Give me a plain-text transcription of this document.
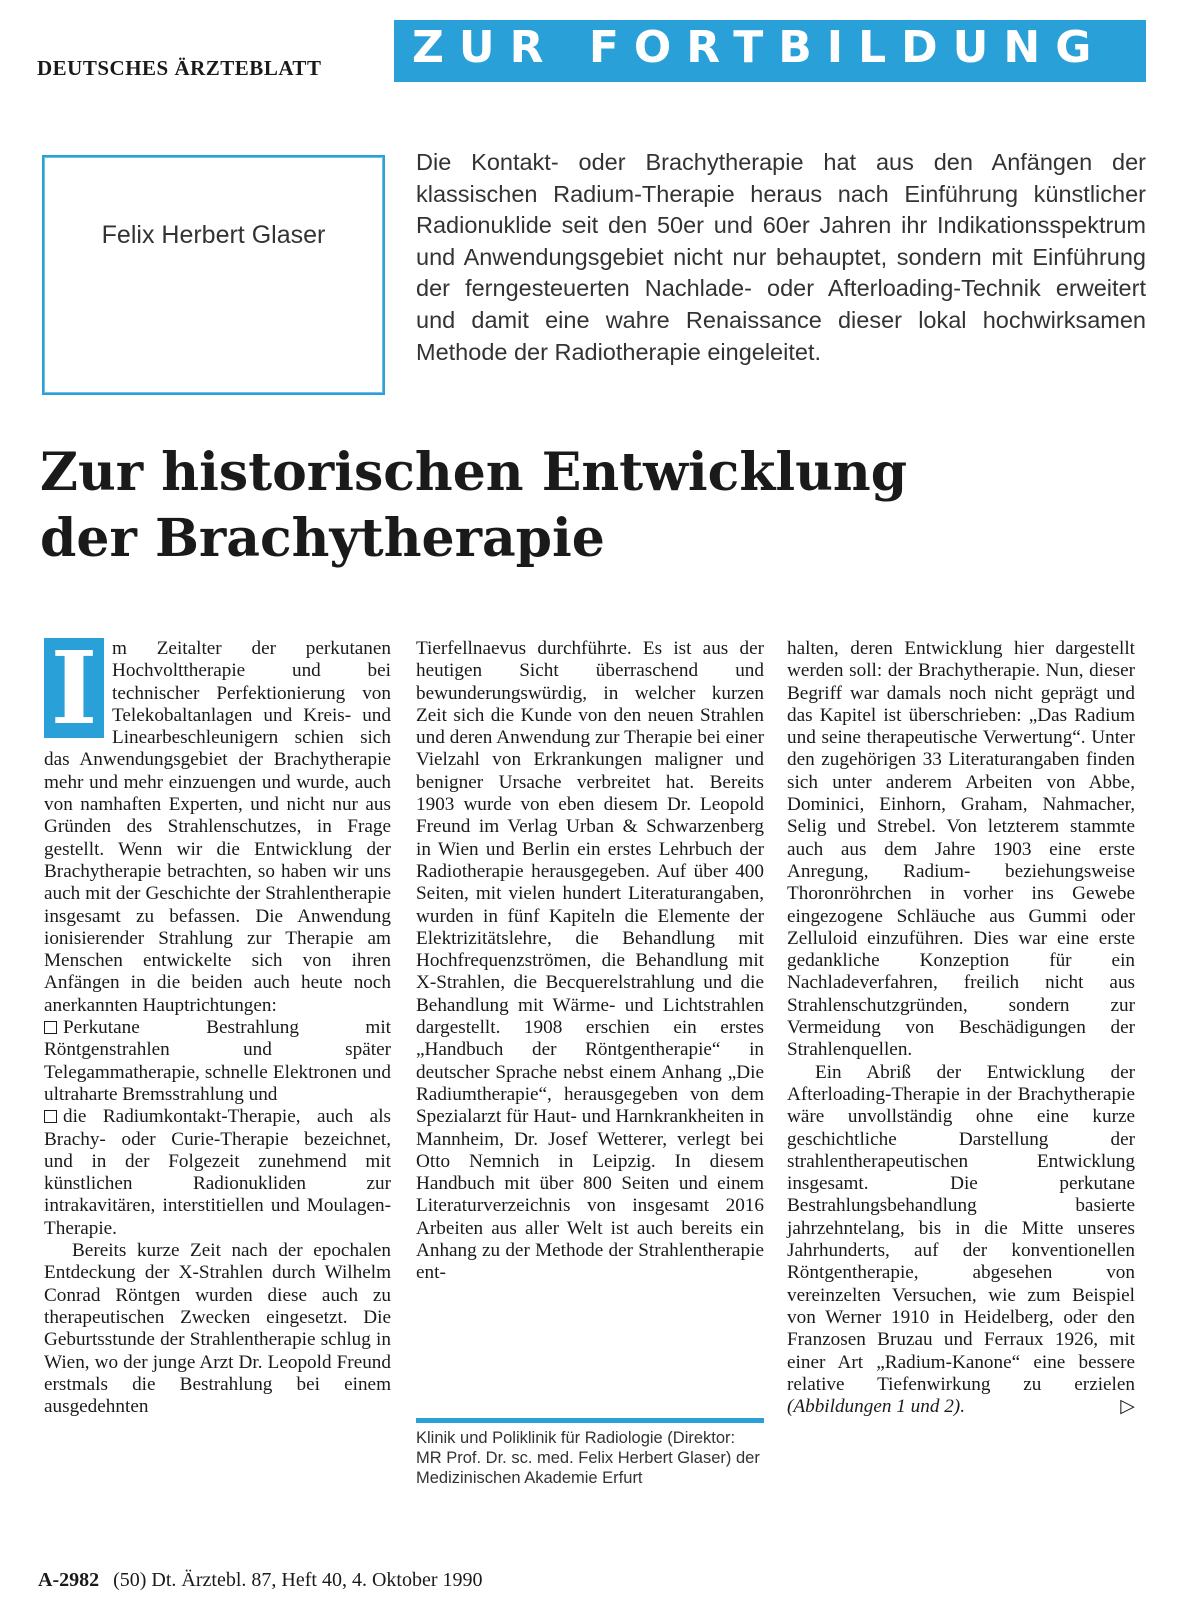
DEUTSCHES ÄRZTEBLATT ZUR FORTBILDUNG
Felix Herbert Glaser
Die Kontakt- oder Brachytherapie hat aus den Anfängen der klassischen Radium-Therapie heraus nach Einführung künstlicher Radionuklide seit den 50er und 60er Jahren ihr Indikationsspektrum und Anwendungsgebiet nicht nur behauptet, sondern mit Einführung der ferngesteuerten Nachlade- oder Afterloading-Technik erweitert und damit eine wahre Renaissance dieser lokal hochwirksamen Methode der Radiotherapie eingeleitet.
Zur historischen Entwicklung
der Brachytherapie
I m Zeitalter der perkutanen Hochvolttherapie und bei technischer Perfektionierung von Telekobaltanlagen und Kreis- und Linearbeschleunigern schien sich das Anwendungsgebiet der Brachytherapie mehr und mehr einzuengen und wurde, auch von namhaften Experten, und nicht nur aus Gründen des Strahlenschutzes, in Frage gestellt. Wenn wir die Entwicklung der Brachytherapie betrachten, so haben wir uns auch mit der Geschichte der Strahlentherapie insgesamt zu befassen. Die Anwendung ionisierender Strahlung zur Therapie am Menschen entwickelte sich von ihren Anfängen in die beiden auch heute noch anerkannten Hauptrichtungen:

Perkutane Bestrahlung mit Röntgenstrahlen und später Telegammatherapie, schnelle Elektronen und ultraharte Bremsstrahlung und

die Radiumkontakt-Therapie, auch als Brachy- oder Curie-Therapie bezeichnet, und in der Folgezeit zunehmend mit künstlichen Radionukliden zur intrakavitären, interstitiellen und Moulagen-Therapie.

Bereits kurze Zeit nach der epochalen Entdeckung der X-Strahlen durch Wilhelm Conrad Röntgen wurden diese auch zu therapeutischen Zwecken eingesetzt. Die Geburtsstunde der Strahlentherapie schlug in Wien, wo der junge Arzt Dr. Leopold Freund erstmals die Bestrahlung bei einem ausgedehnten

Tierfellnaevus durchführte. Es ist aus der heutigen Sicht überraschend und bewunderungswürdig, in welcher kurzen Zeit sich die Kunde von den neuen Strahlen und deren Anwendung zur Therapie bei einer Vielzahl von Erkrankungen maligner und benigner Ursache verbreitet hat. Bereits 1903 wurde von eben diesem Dr. Leopold Freund im Verlag Urban & Schwarzenberg in Wien und Berlin ein erstes Lehrbuch der Radiotherapie herausgegeben. Auf über 400 Seiten, mit vielen hundert Literaturangaben, wurden in fünf Kapiteln die Elemente der Elektrizitätslehre, die Behandlung mit Hochfrequenzströmen, die Behandlung mit X-Strahlen, die Becquerelstrahlung und die Behandlung mit Wärme- und Lichtstrahlen dargestellt. 1908 erschien ein erstes „Handbuch der Röntgentherapie“ in deutscher Sprache nebst einem Anhang „Die Radiumtherapie“, herausgegeben von dem Spezialarzt für Haut- und Harnkrankheiten in Mannheim, Dr. Josef Wetterer, verlegt bei Otto Nemnich in Leipzig. In diesem Handbuch mit über 800 Seiten und einem Literaturverzeichnis von insgesamt 2016 Arbeiten aus aller Welt ist auch bereits ein Anhang zu der Methode der Strahlentherapie ent-

halten, deren Entwicklung hier dargestellt werden soll: der Brachytherapie. Nun, dieser Begriff war damals noch nicht geprägt und das Kapitel ist überschrieben: „Das Radium und seine therapeutische Verwertung“. Unter den zugehörigen 33 Literaturangaben finden sich unter anderem Arbeiten von Abbe, Dominici, Einhorn, Graham, Nahmacher, Selig und Strebel. Von letzterem stammte auch aus dem Jahre 1903 eine erste Anregung, Radium- beziehungsweise Thoronröhrchen in vorher ins Gewebe eingezogene Schläuche aus Gummi oder Zelluloid einzuführen. Dies war eine erste gedankliche Konzeption für ein Nachladeverfahren, freilich nicht aus Strahlenschutzgründen, sondern zur Vermeidung von Beschädigungen der Strahlenquellen.

Ein Abriß der Entwicklung der Afterloading-Therapie in der Brachytherapie wäre unvollständig ohne eine kurze geschichtliche Darstellung der strahlentherapeutischen Entwicklung insgesamt. Die perkutane Bestrahlungsbehandlung basierte jahrzehntelang, bis in die Mitte unseres Jahrhunderts, auf der konventionellen Röntgentherapie, abgesehen von vereinzelten Versuchen, wie zum Beispiel von Werner 1910 in Heidelberg, oder den Franzosen Bruzau und Ferraux 1926, mit einer Art „Radium-Kanone“ eine bessere relative Tiefenwirkung zu erzielen (Abbildungen 1 und 2).	▷

Klinik und Poliklinik für Radiologie (Direktor: MR Prof. Dr. sc. med. Felix Herbert Glaser) der Medizinischen Akademie Erfurt
A-2982 (50) Dt. Ärztebl. 87, Heft 40, 4. Oktober 1990
